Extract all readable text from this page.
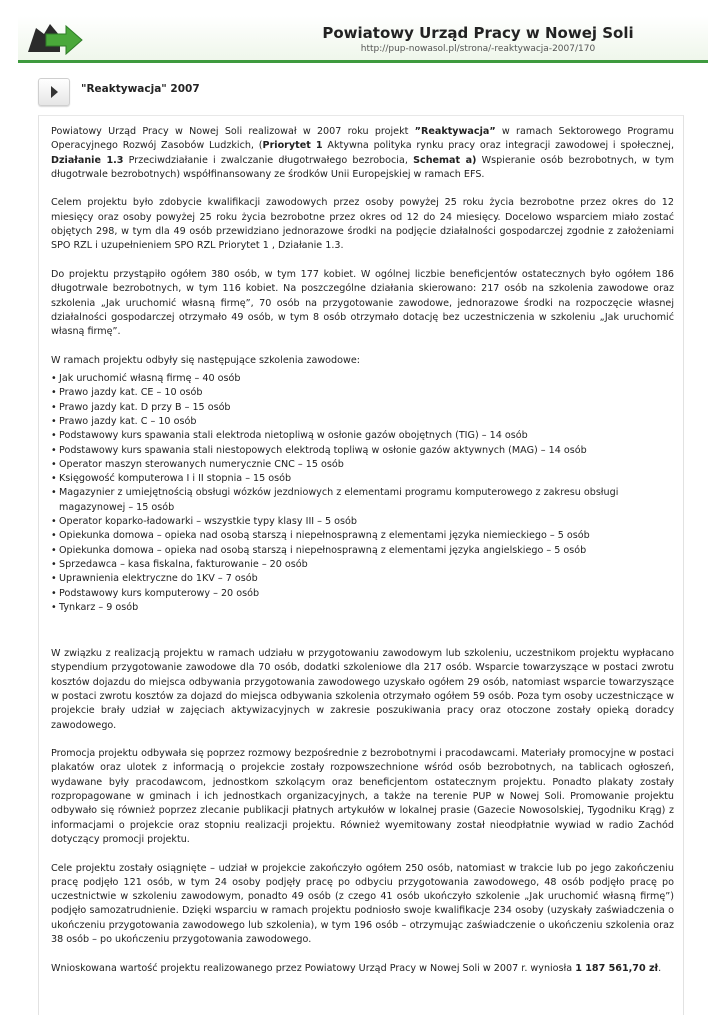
Powiatowy Urząd Pracy w Nowej Soli
http://pup-nowasol.pl/strona/-reaktywacja-2007/170
"Reaktywacja" 2007

Powiatowy Urząd Pracy w Nowej Soli realizował w 2007 roku projekt ”Reaktywacja” w ramach Sektorowego Programu Operacyjnego Rozwój Zasobów Ludzkich, (Priorytet 1 Aktywna polityka rynku pracy oraz integracji zawodowej i społecznej, Działanie 1.3 Przeciwdziałanie i zwalczanie długotrwałego bezrobocia, Schemat a) Wspieranie osób bezrobotnych, w tym długotrwale bezrobotnych) współfinansowany ze środków Unii Europejskiej w ramach EFS.

Celem projektu było zdobycie kwalifikacji zawodowych przez osoby powyżej 25 roku życia bezrobotne przez okres do 12 miesięcy oraz osoby powyżej 25 roku życia bezrobotne przez okres od 12 do 24 miesięcy. Docelowo wsparciem miało zostać objętych 298, w tym dla 49 osób przewidziano jednorazowe środki na podjęcie działalności gospodarczej zgodnie z założeniami SPO RZL i uzupełnieniem SPO RZL Priorytet 1 , Działanie 1.3.

Do projektu przystąpiło ogółem 380 osób, w tym 177 kobiet. W ogólnej liczbie beneficjentów ostatecznych było ogółem 186 długotrwale bezrobotnych, w tym 116 kobiet. Na poszczególne działania skierowano: 217 osób na szkolenia zawodowe oraz szkolenia „Jak uruchomić własną firmę”, 70 osób na przygotowanie zawodowe, jednorazowe środki na rozpoczęcie własnej działalności gospodarczej otrzymało 49 osób, w tym 8 osób otrzymało dotację bez uczestniczenia w szkoleniu „Jak uruchomić własną firmę”.

W ramach projektu odbyły się następujące szkolenia zawodowe:

• Jak uruchomić własną firmę – 40 osób
• Prawo jazdy kat. CE – 10 osób
• Prawo jazdy kat. D przy B – 15 osób
• Prawo jazdy kat. C – 10 osób
• Podstawowy kurs spawania stali elektroda nietopliwą w osłonie gazów obojętnych (TIG) – 14 osób
• Podstawowy kurs spawania stali niestopowych elektrodą topliwą w osłonie gazów aktywnych (MAG) – 14 osób
• Operator maszyn sterowanych numerycznie CNC – 15 osób
• Księgowość komputerowa I i II stopnia – 15 osób
• Magazynier z umiejętnością obsługi wózków jezdniowych z elementami programu komputerowego z zakresu obsługi magazynowej – 15 osób
• Operator koparko-ładowarki – wszystkie typy klasy III – 5 osób
• Opiekunka domowa – opieka nad osobą starszą i niepełnosprawną z elementami języka niemieckiego – 5 osób
• Opiekunka domowa – opieka nad osobą starszą i niepełnosprawną z elementami języka angielskiego – 5 osób
• Sprzedawca – kasa fiskalna, fakturowanie – 20 osób
• Uprawnienia elektryczne do 1KV – 7 osób
• Podstawowy kurs komputerowy – 20 osób
• Tynkarz – 9 osób

W związku z realizacją projektu w ramach udziału w przygotowaniu zawodowym lub szkoleniu, uczestnikom projektu wypłacano stypendium przygotowanie zawodowe dla 70 osób, dodatki szkoleniowe dla 217 osób. Wsparcie towarzyszące w postaci zwrotu kosztów dojazdu do miejsca odbywania przygotowania zawodowego uzyskało ogółem 29 osób, natomiast wsparcie towarzyszące w postaci zwrotu kosztów za dojazd do miejsca odbywania szkolenia otrzymało ogółem 59 osób. Poza tym osoby uczestniczące w projekcie brały udział w zajęciach aktywizacyjnych w zakresie poszukiwania pracy oraz otoczone zostały opieką doradcy zawodowego.

Promocja projektu odbywała się poprzez rozmowy bezpośrednie z bezrobotnymi i pracodawcami. Materiały promocyjne w postaci plakatów oraz ulotek z informacją o projekcie zostały rozpowszechnione wśród osób bezrobotnych, na tablicach ogłoszeń, wydawane były pracodawcom, jednostkom szkolącym oraz beneficjentom ostatecznym projektu. Ponadto plakaty zostały rozpropagowane w gminach i ich jednostkach organizacyjnych, a także na terenie PUP w Nowej Soli. Promowanie projektu odbywało się również poprzez zlecanie publikacji płatnych artykułów w lokalnej prasie (Gazecie Nowosolskiej, Tygodniku Krąg) z informacjami o projekcie oraz stopniu realizacji projektu. Również wyemitowany został nieodpłatnie wywiad w radio Zachód dotyczący promocji projektu.

Cele projektu zostały osiągnięte – udział w projekcie zakończyło ogółem 250 osób, natomiast w trakcie lub po jego zakończeniu pracę podjęło 121 osób, w tym 24 osoby podjęły pracę po odbyciu przygotowania zawodowego, 48 osób podjęło pracę po uczestnictwie w szkoleniu zawodowym, ponadto 49 osób (z czego 41 osób ukończyło szkolenie „Jak uruchomić własną firmę”) podjęło samozatrudnienie. Dzięki wsparciu w ramach projektu podniosło swoje kwalifikacje 234 osoby (uzyskały zaświadczenia o ukończeniu przygotowania zawodowego lub szkolenia), w tym 196 osób – otrzymując zaświadczenie o ukończeniu szkolenia oraz 38 osób – po ukończeniu przygotowania zawodowego.

Wnioskowana wartość projektu realizowanego przez Powiatowy Urząd Pracy w Nowej Soli w 2007 r. wyniosła 1 187 561,70 zł.
